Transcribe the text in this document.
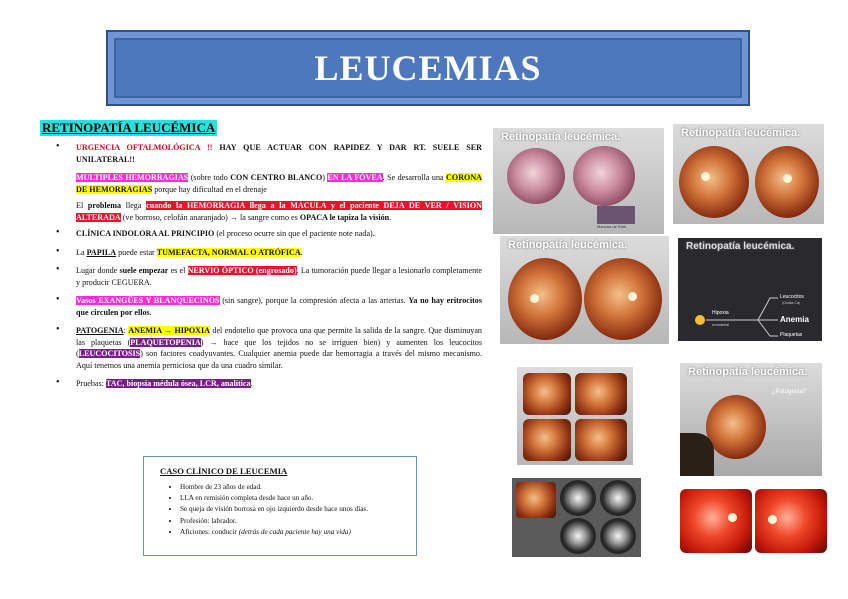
LEUCEMIAS
RETINOPATÍA LEUCÉMICA
• URGENCIA OFTALMOLÓGICA !! HAY QUE ACTUAR CON RAPIDEZ Y DAR RT. SUELE SER UNILATERAL!!

MULTIPLES HEMORRAGIAS (sobre todo CON CENTRO BLANCO) EN LA FÓVEA. Se desarrolla una CORONA DE HEMORRAGIAS porque hay dificultad en el drenaje

El problema llega cuando la HEMORRAGIA llega a la MACULA y el paciente DEJA DE VER / VISION ALTERADA (ve borroso, celofán anaranjado) → la sangre como es OPACA le tapiza la visión.

• CLÍNICA INDOLORA AL PRINCIPIO (el proceso ocurre sin que el paciente note nada).
• La PAPILA puede estar TUMEFACTA, NORMAL O ATRÓFICA.
• Lugar donde suele empezar es el NERVIO ÓPTICO (engrosado). La tumoración puede llegar a lesionarlo completamente y producir CEGUERA.
• Vasos EXANGÜES Y BLANQUECINOS (sin sangre), porque la compresión afecta a las arterias. Ya no hay eritrocitos que circulen por ellos.
• PATOGENIA: ANEMIA → HIPOXIA del endotelio que provoca una que permite la salida de la sangre. Que disminuyan las plaquetas (PLAQUETOPENIA) → hace que los tejidos no se irriguen bien) y aumenten los leucocitos (LEUCOCITOSIS) son factores coadyuvantes. Cualquier anemia puede dar hemorragia a través del mismo mecanismo. Aquí tenemos una anemia perniciosa que da una cuadro similar.
• Pruebas: TAC, biopsia médula ósea, LCR, analítica.
CASO CLÍNICO DE LEUCEMIA
• Hombre de 23 años de edad.
• LLA en remisión completa desde hace un año.
• Se queja de visión borrosa en ojo izquierdo desde hace unos días.
• Profesión: labrador.
• Aficiones: conducir (detrás de cada paciente hay una vida)
Retinopatía leucémica.
Mancha de Roth
Retinopatía leucémica.
Retinopatía leucémica.	Retinopatía leucémica.
Hipoxia
endotelial
Leucocitos
(Ondas Ca)
Anemia
Plaquetas
Retinopatía leucémica.
¿Patogenia?
